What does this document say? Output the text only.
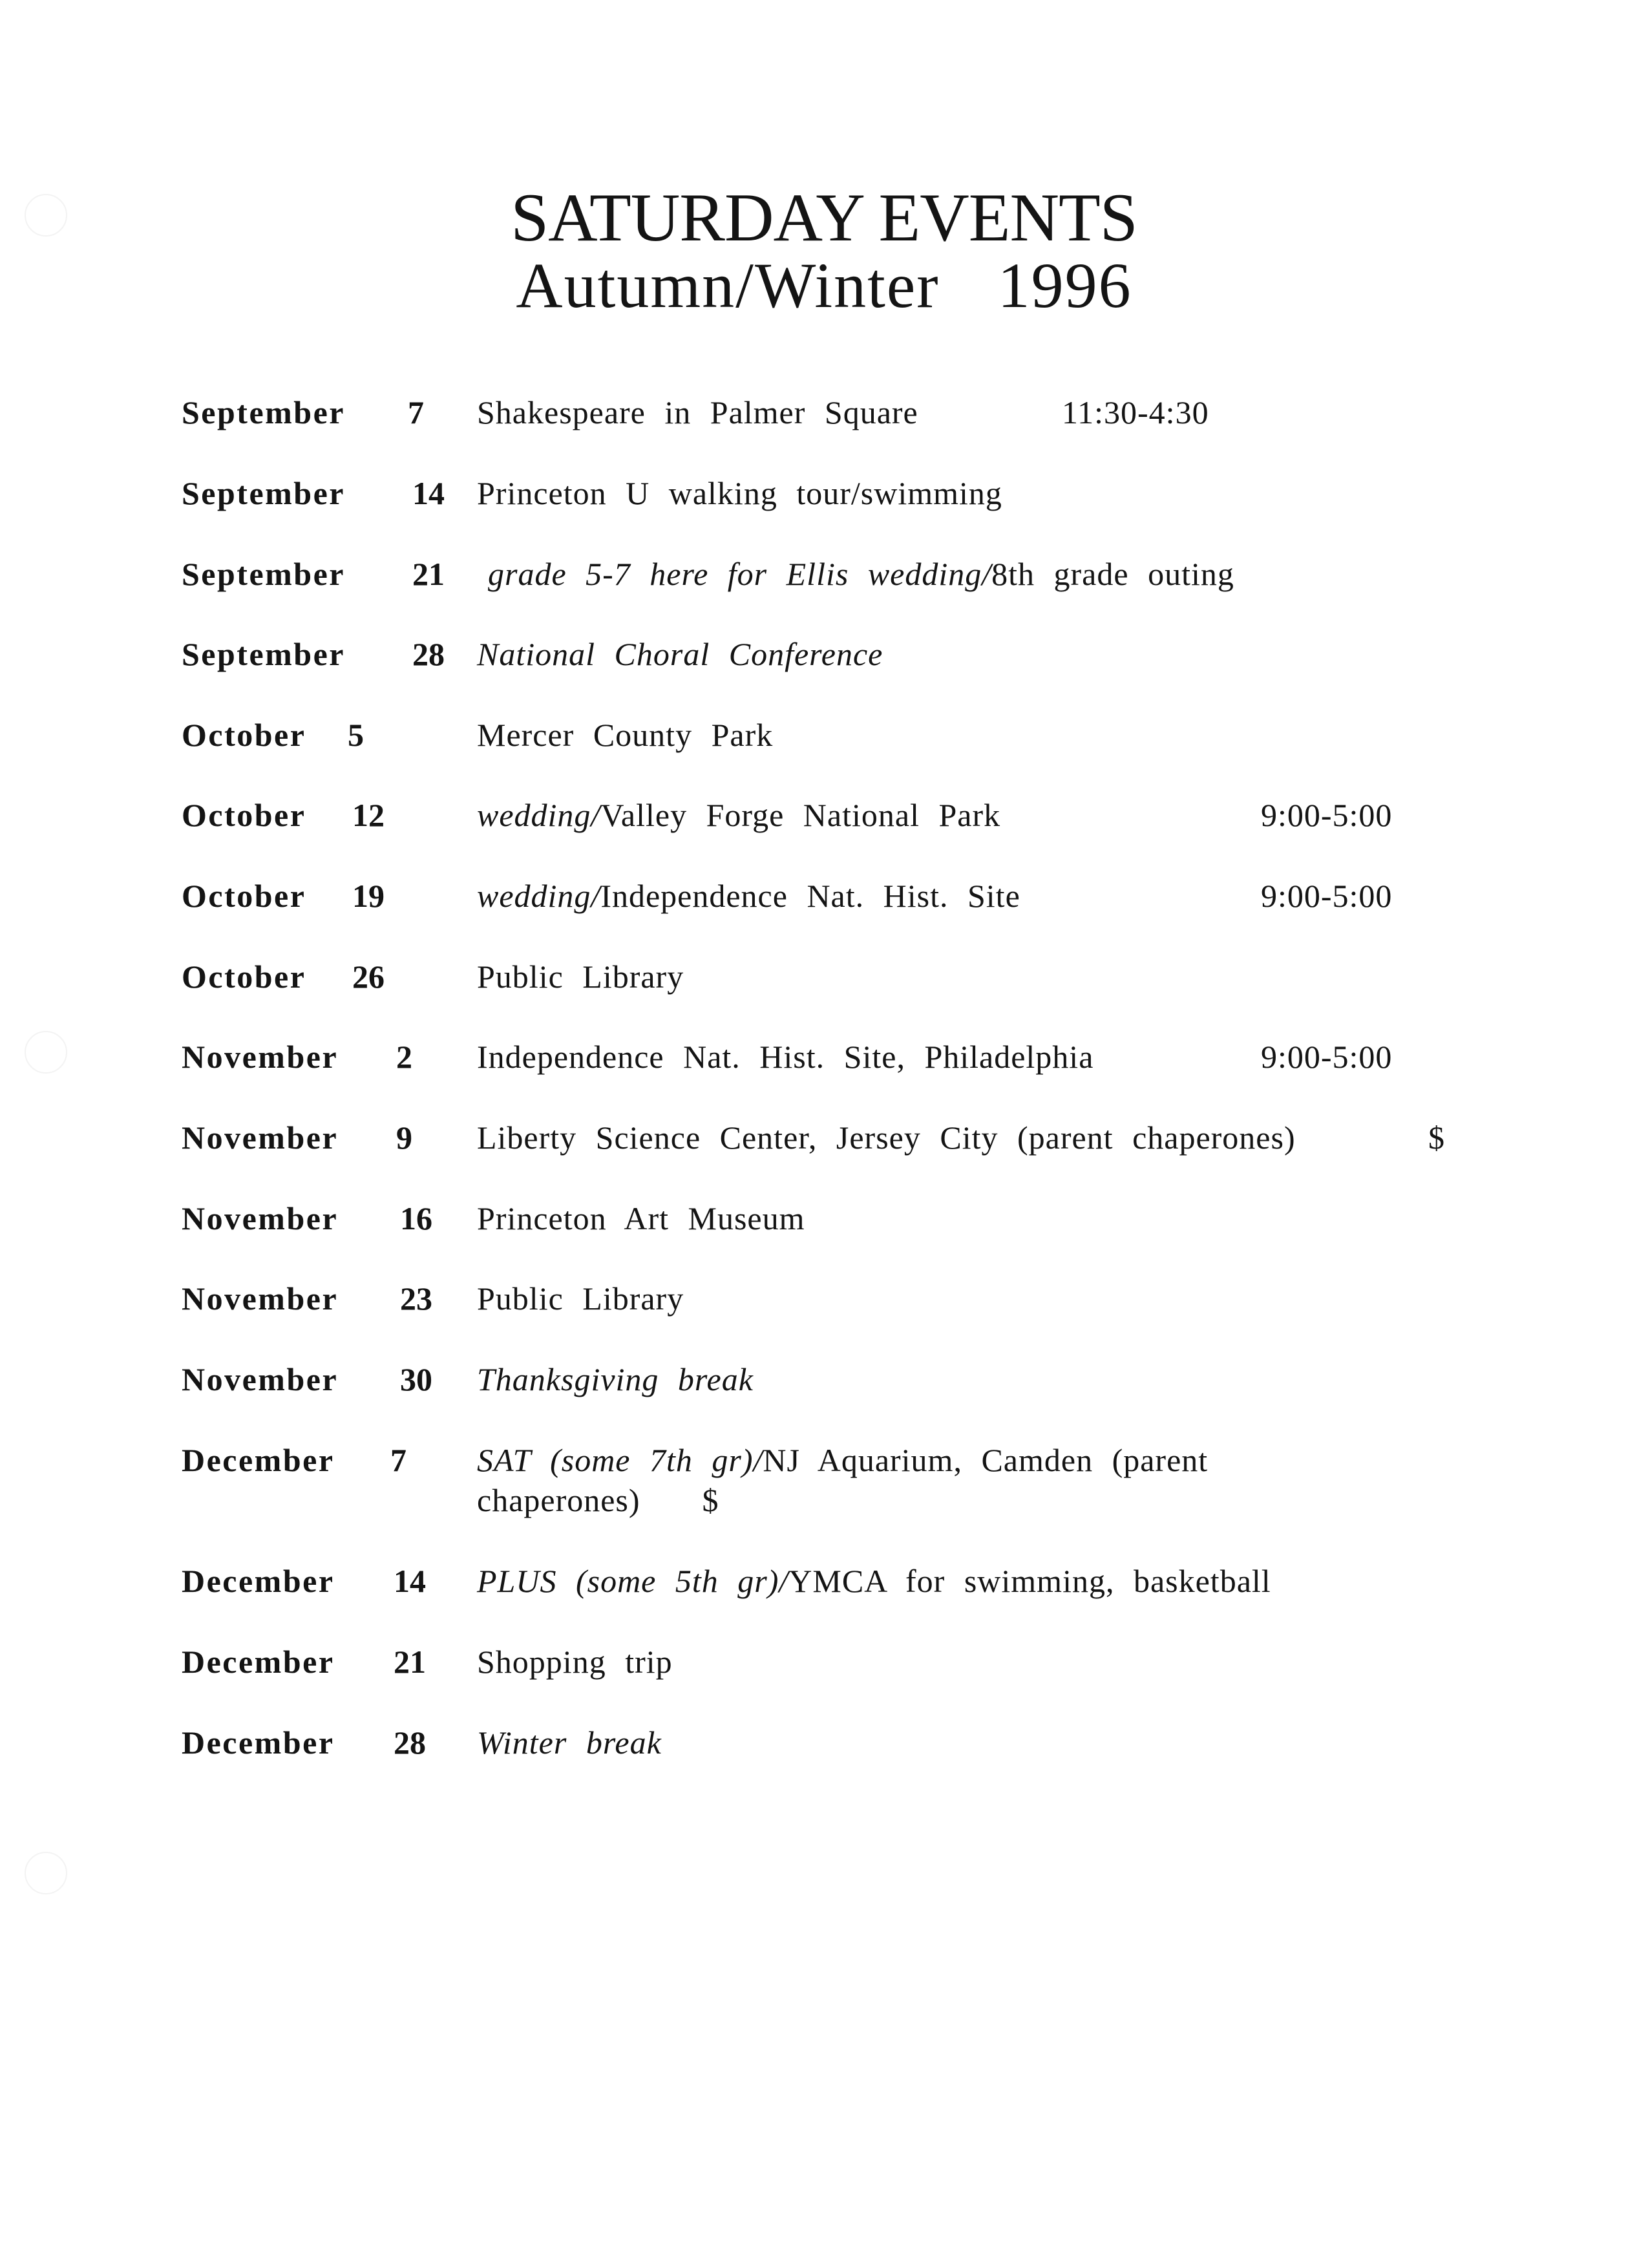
SATURDAY EVENTS
Autumn/Winter 1996
September 7 Shakespeare in Palmer Square	11:30-4:30
September 14 Princeton U walking tour/swimming
September 21 grade 5-7 here for Ellis wedding/8th grade outing
September 28 National Choral Conference
October 5	Mercer County Park
October 12	wedding/Valley Forge National Park	9:00-5:00
October 19	wedding/Independence Nat. Hist. Site	9:00-5:00
October 26	Public Library
November 2 Independence Nat. Hist. Site, Philadelphia	9:00-5:00
November 9 Liberty Science Center, Jersey City (parent chaperones)	$
November 16 Princeton Art Museum
November 23 Public Library
November 30 Thanksgiving break
December 7 SAT (some 7th gr)/NJ Aquarium, Camden (parent
chaperones) $
December 14 PLUS (some 5th gr)/YMCA for swimming, basketball
December 21 Shopping trip
December 28 Winter break
